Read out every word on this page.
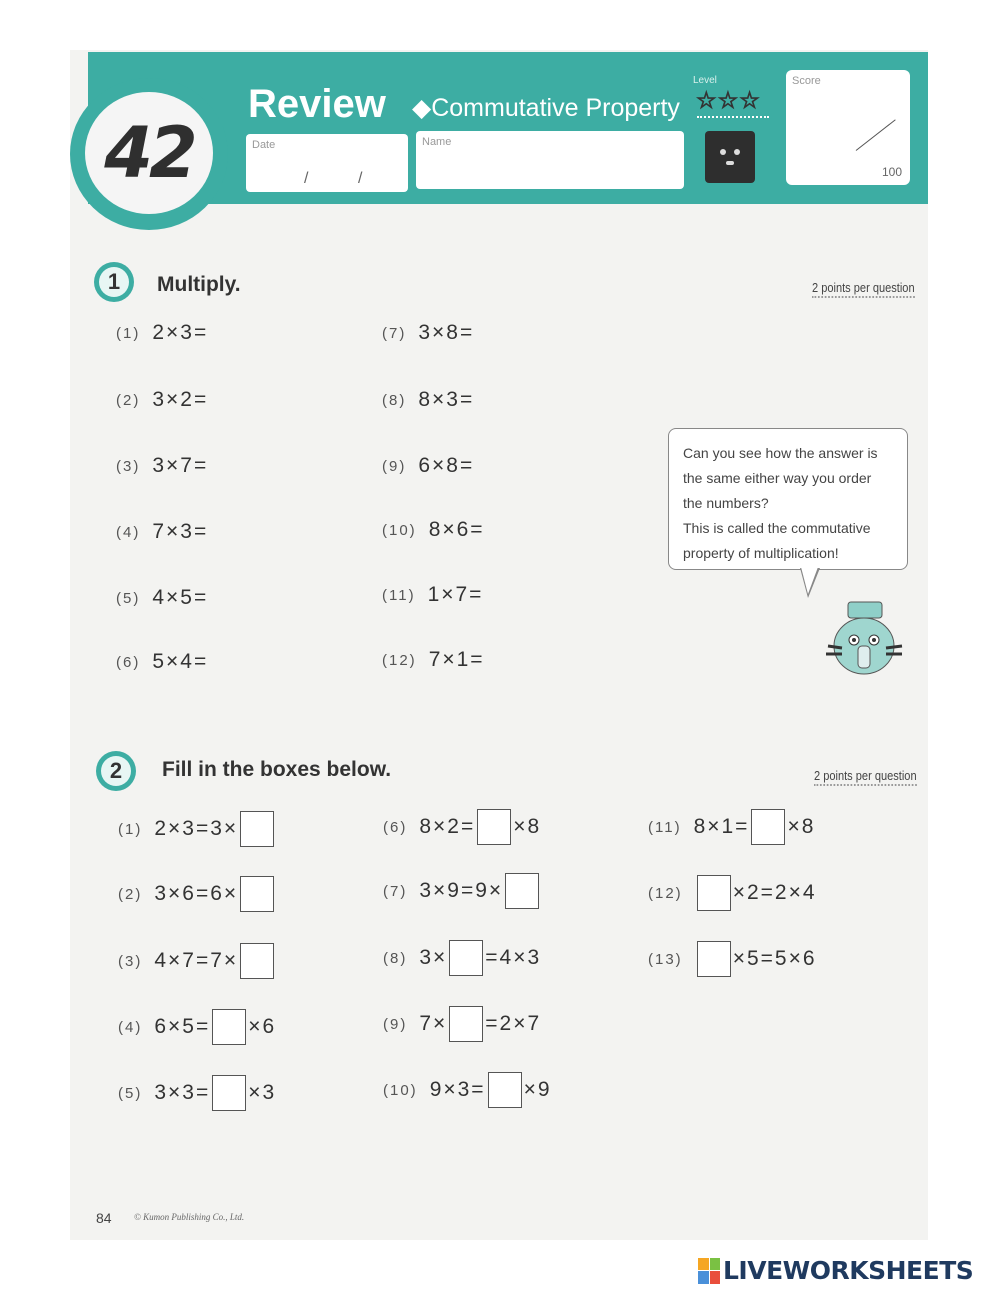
42
Review ◆Commutative Property
Level
☆☆☆
Date
/	/
Name
Score
100
1	Multiply.	2 points per question
(1) 2×3=
(2) 3×2=
(3) 3×7=
(4) 7×3=
(5) 4×5=
(6) 5×4=
(7) 3×8=
(8) 8×3=
(9) 6×8=
(10) 8×6=
(11) 1×7=
(12) 7×1=

Can you see how the answer is

the same either way you order

the numbers?

This is called the commutative

property of multiplication!

2	Fill in the boxes below.	2 points per question
(1) 2×3=3×
(2) 3×6=6×
(3) 4×7=7×
(4) 6×5= ×6
(5) 3×3= ×3
(6) 8×2= ×8
(7) 3×9=9×
(8) 3× =4×3
(9) 7× =2×7
(10) 9×3= ×9
(11) 8×1= ×8
(12) ×2=2×4
(13) ×5=5×6
84 © Kumon Publishing Co., Ltd.
LIVEWORKSHEETS
